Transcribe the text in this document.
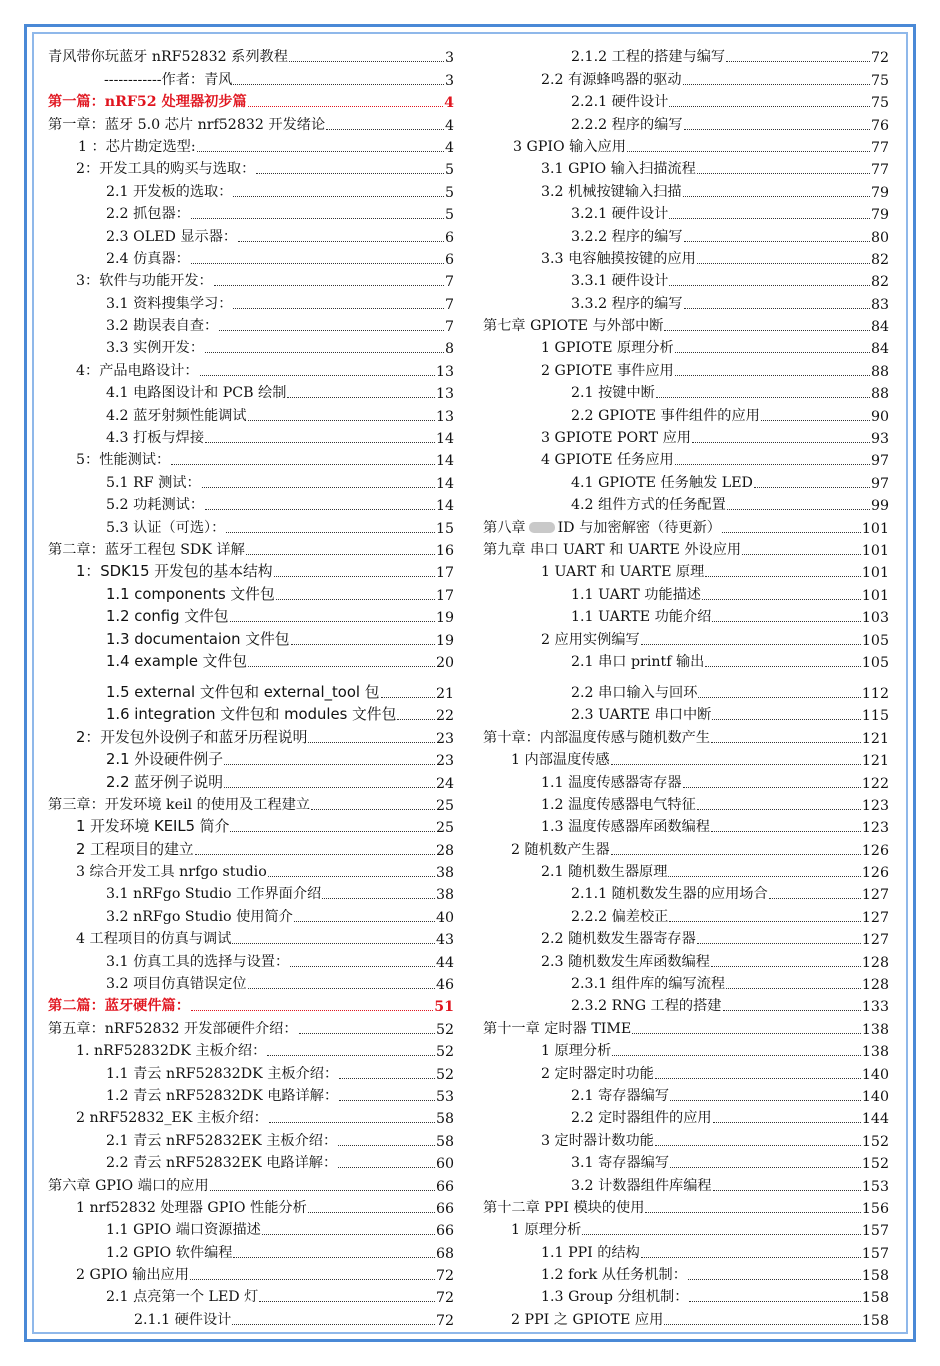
青风带你玩蓝牙 nRF52832 系列教程	3
------------作者：青风	3
第一篇：nRF52 处理器初步篇	4
第一章：蓝牙 5.0 芯片 nrf52832 开发绪论	4
1 ：芯片勘定选型:	4
2：开发工具的购买与选取：	5
2.1 开发板的选取：	5
2.2 抓包器：	5
2.3 OLED 显示器：	6
2.4 仿真器：	6
3：软件与功能开发：	7
3.1 资料搜集学习：	7
3.2 勘误表自查：	7
3.3 实例开发：	8
4：产品电路设计：	13
4.1 电路图设计和 PCB 绘制	13
4.2 蓝牙射频性能调试	13
4.3 打板与焊接	14
5：性能测试：	14
5.1 RF 测试：	14
5.2 功耗测试：	14
5.3 认证（可选）：	15
第二章：蓝牙工程包 SDK 详解	16
1：SDK15 开发包的基本结构	17
1.1 components 文件包	17
1.2 config 文件包	19
1.3 documentaion 文件包	19
1.4 example 文件包	20
1.5 external 文件包和 external_tool 包	21
1.6 integration 文件包和 modules 文件包	22
2：开发包外设例子和蓝牙历程说明	23
2.1 外设硬件例子	23
2.2 蓝牙例子说明	24
第三章：开发环境 keil 的使用及工程建立	25
1 开发环境 KEIL5 简介	25
2 工程项目的建立	28
3 综合开发工具 nrfgo studio	38
3.1 nRFgo Studio 工作界面介绍	38
3.2 nRFgo Studio 使用简介	40
4 工程项目的仿真与调试	43
3.1 仿真工具的选择与设置：	44
3.2 项目仿真错误定位	46
第二篇：蓝牙硬件篇：	51
第五章：nRF52832 开发部硬件介绍：	52
1. nRF52832DK 主板介绍：	52
1.1 青云 nRF52832DK 主板介绍：	52
1.2 青云 nRF52832DK 电路详解：	53
2 nRF52832_EK 主板介绍：	58
2.1 青云 nRF52832EK 主板介绍：	58
2.2 青云 nRF52832EK 电路详解：	60
第六章 GPIO 端口的应用	66
1 nrf52832 处理器 GPIO 性能分析	66
1.1 GPIO 端口资源描述	66
1.2 GPIO 软件编程	68
2 GPIO 输出应用	72
2.1 点亮第一个 LED 灯	72
2.1.1 硬件设计	72
2.1.2 工程的搭建与编写	72
2.2 有源蜂鸣器的驱动	75
2.2.1 硬件设计	75
2.2.2 程序的编写	76
3 GPIO 输入应用	77
3.1 GPIO 输入扫描流程	77
3.2 机械按键输入扫描	79
3.2.1 硬件设计	79
3.2.2 程序的编写	80
3.3 电容触摸按键的应用	82
3.3.1 硬件设计	82
3.3.2 程序的编写	83
第七章 GPIOTE 与外部中断	84
1 GPIOTE 原理分析	84
2 GPIOTE 事件应用	88
2.1 按键中断	88
2.2 GPIOTE 事件组件的应用	90
3 GPIOTE PORT 应用	93
4 GPIOTE 任务应用	97
4.1 GPIOTE 任务触发 LED	97
4.2 组件方式的任务配置	99
第八章 ID 与加密解密（待更新）	101
第九章 串口 UART 和 UARTE 外设应用	101
1 UART 和 UARTE 原理	101
1.1 UART 功能描述	101
1.1 UARTE 功能介绍	103
2 应用实例编写	105
2.1 串口 printf 输出	105
2.2 串口输入与回环	112
2.3 UARTE 串口中断	115
第十章：内部温度传感与随机数产生	121
1 内部温度传感	121
1.1 温度传感器寄存器	122
1.2 温度传感器电气特征	123
1.3 温度传感器库函数编程	123
2 随机数产生器	126
2.1 随机数生器原理	126
2.1.1 随机数发生器的应用场合	127
2.2.2 偏差校正	127
2.2 随机数发生器寄存器	127
2.3 随机数发生库函数编程	128
2.3.1 组件库的编写流程	128
2.3.2 RNG 工程的搭建	133
第十一章 定时器 TIME	138
1 原理分析	138
2 定时器定时功能	140
2.1 寄存器编写	140
2.2 定时器组件的应用	144
3 定时器计数功能	152
3.1 寄存器编写	152
3.2 计数器组件库编程	153
第十二章 PPI 模块的使用	156
1 原理分析	157
1.1 PPI 的结构	157
1.2 fork 从任务机制：	158
1.3 Group 分组机制：	158
2 PPI 之 GPIOTE 应用	158
